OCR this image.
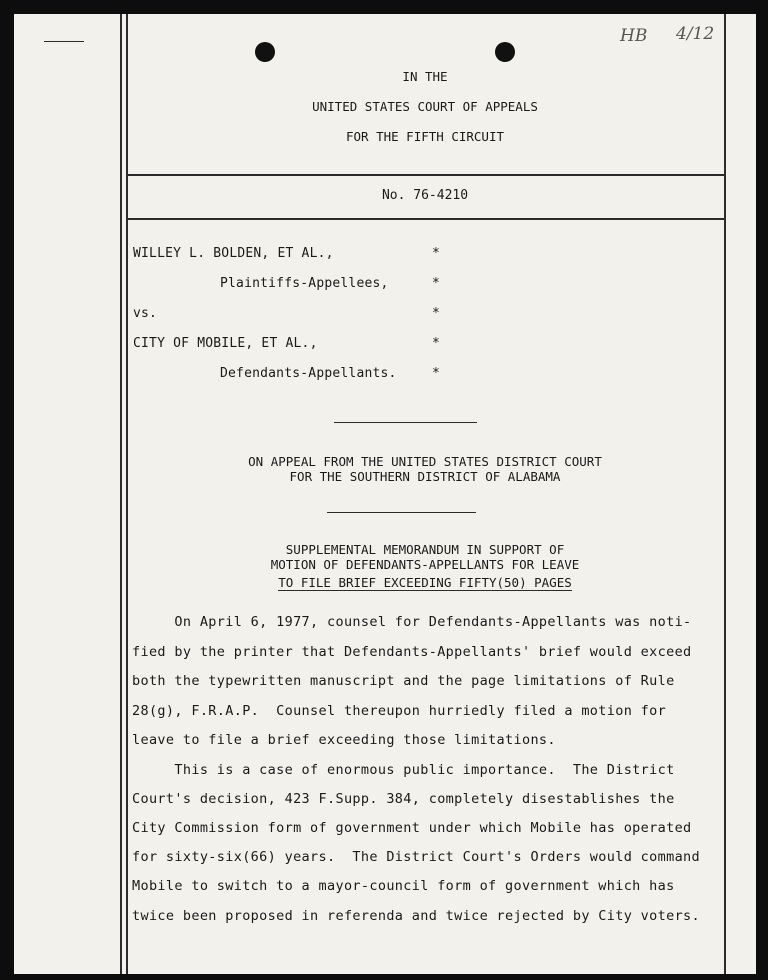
HB 4/12
IN THE
UNITED STATES COURT OF APPEALS
FOR THE FIFTH CIRCUIT
No. 76-4210
WILLEY L. BOLDEN, ET AL.,	*
Plaintiffs-Appellees,	*
vs.	*
CITY OF MOBILE, ET AL.,	*
Defendants-Appellants.	*
ON APPEAL FROM THE UNITED STATES DISTRICT COURT
FOR THE SOUTHERN DISTRICT OF ALABAMA
SUPPLEMENTAL MEMORANDUM IN SUPPORT OF
MOTION OF DEFENDANTS-APPELLANTS FOR LEAVE
TO FILE BRIEF EXCEEDING FIFTY(50) PAGES
On April 6, 1977, counsel for Defendants-Appellants was noti-
fied by the printer that Defendants-Appellants' brief would exceed
both the typewritten manuscript and the page limitations of Rule
28(g), F.R.A.P.  Counsel thereupon hurriedly filed a motion for
leave to file a brief exceeding those limitations.
This is a case of enormous public importance.  The District
Court's decision, 423 F.Supp. 384, completely disestablishes the
City Commission form of government under which Mobile has operated
for sixty-six(66) years.  The District Court's Orders would command
Mobile to switch to a mayor-council form of government which has
twice been proposed in referenda and twice rejected by City voters.
